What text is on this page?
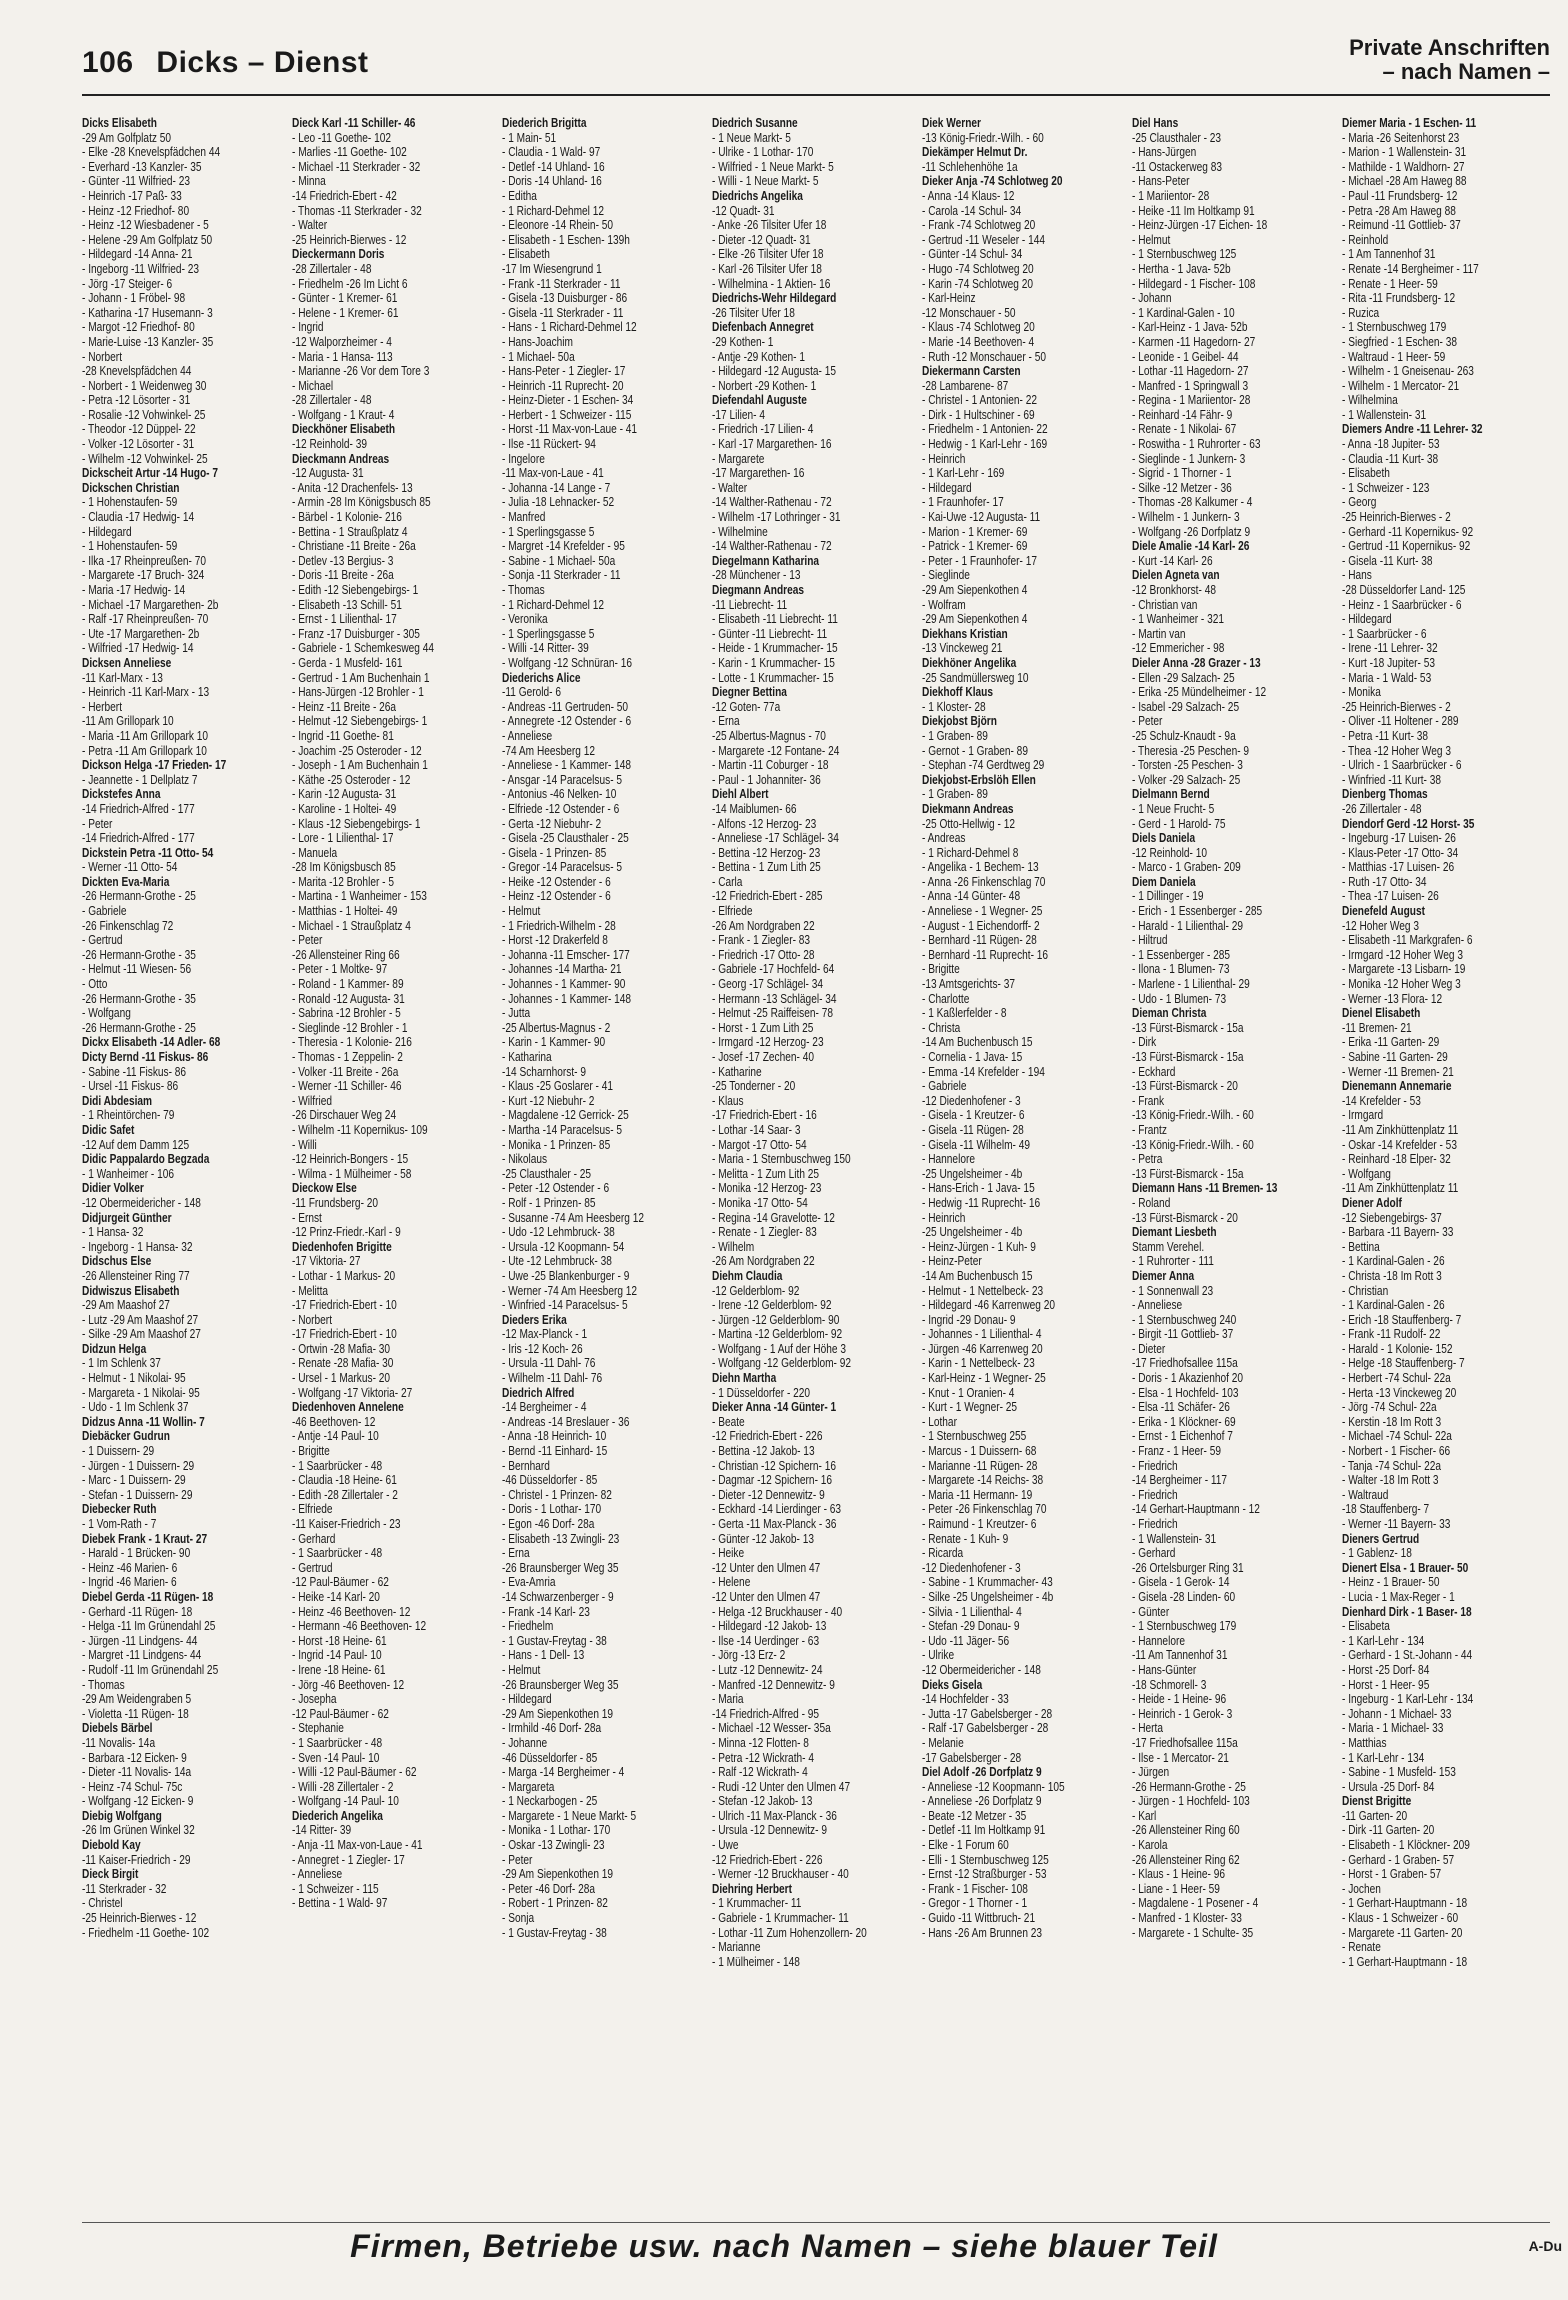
106 Dicks – Dienst	Private Anschriften
– nach Namen –
Dicks Elisabeth
-29 Am Golfplatz 50
- Elke -28 Knevelspfädchen 44
- Everhard -13 Kanzler- 35
- Günter -11 Wilfried- 23
- Heinrich -17 Paß- 33
- Heinz -12 Friedhof- 80
- Heinz -12 Wiesbadener - 5
- Helene -29 Am Golfplatz 50
- Hildegard -14 Anna- 21
- Ingeborg -11 Wilfried- 23
- Jörg -17 Steiger- 6
- Johann - 1 Fröbel- 98
- Katharina -17 Husemann- 3
- Margot -12 Friedhof- 80
- Marie-Luise -13 Kanzler- 35
- Norbert
-28 Knevelspfädchen 44
- Norbert - 1 Weidenweg 30
- Petra -12 Lösorter - 31
- Rosalie -12 Vohwinkel- 25
- Theodor -12 Düppel- 22
- Volker -12 Lösorter - 31
- Wilhelm -12 Vohwinkel- 25
Dickscheit Artur -14 Hugo- 7
Dickschen Christian
- 1 Hohenstaufen- 59
- Claudia -17 Hedwig- 14
- Hildegard
- 1 Hohenstaufen- 59
- Ilka -17 Rheinpreußen- 70
- Margarete -17 Bruch- 324
- Maria -17 Hedwig- 14
- Michael -17 Margarethen- 2b
- Ralf -17 Rheinpreußen- 70
- Ute -17 Margarethen- 2b
- Wilfried -17 Hedwig- 14
Dicksen Anneliese
-11 Karl-Marx - 13
- Heinrich -11 Karl-Marx - 13
- Herbert
-11 Am Grillopark 10
- Maria -11 Am Grillopark 10
- Petra -11 Am Grillopark 10
Dickson Helga -17 Frieden- 17
- Jeannette - 1 Dellplatz 7
Dickstefes Anna
-14 Friedrich-Alfred - 177
- Peter
-14 Friedrich-Alfred - 177
Dickstein Petra -11 Otto- 54
- Werner -11 Otto- 54
Dickten Eva-Maria
-26 Hermann-Grothe - 25
- Gabriele
-26 Finkenschlag 72
- Gertrud
-26 Hermann-Grothe - 35
- Helmut -11 Wiesen- 56
- Otto
-26 Hermann-Grothe - 35
- Wolfgang
-26 Hermann-Grothe - 25
Dickx Elisabeth -14 Adler- 68
Dicty Bernd -11 Fiskus- 86
- Sabine -11 Fiskus- 86
- Ursel -11 Fiskus- 86
Didi Abdesiam
- 1 Rheintörchen- 79
Didic Safet
-12 Auf dem Damm 125
Didic Pappalardo Begzada
- 1 Wanheimer - 106
Didier Volker
-12 Obermeidericher - 148
Didjurgeit Günther
- 1 Hansa- 32
- Ingeborg - 1 Hansa- 32
Didschus Else
-26 Allensteiner Ring 77
Didwiszus Elisabeth
-29 Am Maashof 27
- Lutz -29 Am Maashof 27
- Silke -29 Am Maashof 27
Didzun Helga
- 1 Im Schlenk 37
- Helmut - 1 Nikolai- 95
- Margareta - 1 Nikolai- 95
- Udo - 1 Im Schlenk 37
Didzus Anna -11 Wollin- 7
Diebäcker Gudrun
- 1 Duissern- 29
- Jürgen - 1 Duissern- 29
- Marc - 1 Duissern- 29
- Stefan - 1 Duissern- 29
Diebecker Ruth
- 1 Vom-Rath - 7
Diebek Frank - 1 Kraut- 27
- Harald - 1 Brücken- 90
- Heinz -46 Marien- 6
- Ingrid -46 Marien- 6
Diebel Gerda -11 Rügen- 18
- Gerhard -11 Rügen- 18
- Helga -11 Im Grünendahl 25
- Jürgen -11 Lindgens- 44
- Margret -11 Lindgens- 44
- Rudolf -11 Im Grünendahl 25
- Thomas
-29 Am Weidengraben 5
- Violetta -11 Rügen- 18
Diebels Bärbel
-11 Novalis- 14a
- Barbara -12 Eicken- 9
- Dieter -11 Novalis- 14a
- Heinz -74 Schul- 75c
- Wolfgang -12 Eicken- 9
Diebig Wolfgang
-26 Im Grünen Winkel 32
Diebold Kay
-11 Kaiser-Friedrich - 29
Dieck Birgit
-11 Sterkrader - 32
- Christel
-25 Heinrich-Bierwes - 12
- Friedhelm -11 Goethe- 102
Dieck Karl -11 Schiller- 46
- Leo -11 Goethe- 102
- Marlies -11 Goethe- 102
- Michael -11 Sterkrader - 32
- Minna
-14 Friedrich-Ebert - 42
- Thomas -11 Sterkrader - 32
- Walter
-25 Heinrich-Bierwes - 12
Dieckermann Doris
-28 Zillertaler - 48
- Friedhelm -26 Im Licht 6
- Günter - 1 Kremer- 61
- Helene - 1 Kremer- 61
- Ingrid
-12 Walporzheimer - 4
- Maria - 1 Hansa- 113
- Marianne -26 Vor dem Tore 3
- Michael
-28 Zillertaler - 48
- Wolfgang - 1 Kraut- 4
Dieckhöner Elisabeth
-12 Reinhold- 39
Dieckmann Andreas
-12 Augusta- 31
- Anita -12 Drachenfels- 13
- Armin -28 Im Königsbusch 85
- Bärbel - 1 Kolonie- 216
- Bettina - 1 Straußplatz 4
- Christiane -11 Breite - 26a
- Detlev -13 Bergius- 3
- Doris -11 Breite - 26a
- Edith -12 Siebengebirgs- 1
- Elisabeth -13 Schill- 51
- Ernst - 1 Lilienthal- 17
- Franz -17 Duisburger - 305
- Gabriele - 1 Schemkesweg 44
- Gerda - 1 Musfeld- 161
- Gertrud - 1 Am Buchenhain 1
- Hans-Jürgen -12 Brohler - 1
- Heinz -11 Breite - 26a
- Helmut -12 Siebengebirgs- 1
- Ingrid -11 Goethe- 81
- Joachim -25 Osteroder - 12
- Joseph - 1 Am Buchenhain 1
- Käthe -25 Osteroder - 12
- Karin -12 Augusta- 31
- Karoline - 1 Holtei- 49
- Klaus -12 Siebengebirgs- 1
- Lore - 1 Lilienthal- 17
- Manuela
-28 Im Königsbusch 85
- Marita -12 Brohler - 5
- Martina - 1 Wanheimer - 153
- Matthias - 1 Holtei- 49
- Michael - 1 Straußplatz 4
- Peter
-26 Allensteiner Ring 66
- Peter - 1 Moltke- 97
- Roland - 1 Kammer- 89
- Ronald -12 Augusta- 31
- Sabrina -12 Brohler - 5
- Sieglinde -12 Brohler - 1
- Theresia - 1 Kolonie- 216
- Thomas - 1 Zeppelin- 2
- Volker -11 Breite - 26a
- Werner -11 Schiller- 46
- Wilfried
-26 Dirschauer Weg 24
- Wilhelm -11 Kopernikus- 109
- Willi
-12 Heinrich-Bongers - 15
- Wilma - 1 Mülheimer - 58
Dieckow Else
-11 Frundsberg- 20
- Ernst
-12 Prinz-Friedr.-Karl - 9
Diedenhofen Brigitte
-17 Viktoria- 27
- Lothar - 1 Markus- 20
- Melitta
-17 Friedrich-Ebert - 10
- Norbert
-17 Friedrich-Ebert - 10
- Ortwin -28 Mafia- 30
- Renate -28 Mafia- 30
- Ursel - 1 Markus- 20
- Wolfgang -17 Viktoria- 27
Diedenhoven Annelene
-46 Beethoven- 12
- Antje -14 Paul- 10
- Brigitte
- 1 Saarbrücker - 48
- Claudia -18 Heine- 61
- Edith -28 Zillertaler - 2
- Elfriede
-11 Kaiser-Friedrich - 23
- Gerhard
- 1 Saarbrücker - 48
- Gertrud
-12 Paul-Bäumer - 62
- Heike -14 Karl- 20
- Heinz -46 Beethoven- 12
- Hermann -46 Beethoven- 12
- Horst -18 Heine- 61
- Ingrid -14 Paul- 10
- Irene -18 Heine- 61
- Jörg -46 Beethoven- 12
- Josepha
-12 Paul-Bäumer - 62
- Stephanie
- 1 Saarbrücker - 48
- Sven -14 Paul- 10
- Willi -12 Paul-Bäumer - 62
- Willi -28 Zillertaler - 2
- Wolfgang -14 Paul- 10
Diederich Angelika
-14 Ritter- 39
- Anja -11 Max-von-Laue - 41
- Annegret - 1 Ziegler- 17
- Anneliese
- 1 Schweizer - 115
- Bettina - 1 Wald- 97
Diederich Brigitta
- 1 Main- 51
- Claudia - 1 Wald- 97
- Detlef -14 Uhland- 16
- Doris -14 Uhland- 16
- Editha
- 1 Richard-Dehmel 12
- Eleonore -14 Rhein- 50
- Elisabeth - 1 Eschen- 139h
- Elisabeth
-17 Im Wiesengrund 1
- Frank -11 Sterkrader - 11
- Gisela -13 Duisburger - 86
- Gisela -11 Sterkrader - 11
- Hans - 1 Richard-Dehmel 12
- Hans-Joachim
- 1 Michael- 50a
- Hans-Peter - 1 Ziegler- 17
- Heinrich -11 Ruprecht- 20
- Heinz-Dieter - 1 Eschen- 34
- Herbert - 1 Schweizer - 115
- Horst -11 Max-von-Laue - 41
- Ilse -11 Rückert- 94
- Ingelore
-11 Max-von-Laue - 41
- Johanna -14 Lange - 7
- Julia -18 Lehnacker- 52
- Manfred
- 1 Sperlingsgasse 5
- Margret -14 Krefelder - 95
- Sabine - 1 Michael- 50a
- Sonja -11 Sterkrader - 11
- Thomas
- 1 Richard-Dehmel 12
- Veronika
- 1 Sperlingsgasse 5
- Willi -14 Ritter- 39
- Wolfgang -12 Schnüran- 16
Diederichs Alice
-11 Gerold- 6
- Andreas -11 Gertruden- 50
- Annegrete -12 Ostender - 6
- Anneliese
-74 Am Heesberg 12
- Anneliese - 1 Kammer- 148
- Ansgar -14 Paracelsus- 5
- Antonius -46 Nelken- 10
- Elfriede -12 Ostender - 6
- Gerta -12 Niebuhr- 2
- Gisela -25 Clausthaler - 25
- Gisela - 1 Prinzen- 85
- Gregor -14 Paracelsus- 5
- Heike -12 Ostender - 6
- Heinz -12 Ostender - 6
- Helmut
- 1 Friedrich-Wilhelm - 28
- Horst -12 Drakerfeld 8
- Johanna -11 Emscher- 177
- Johannes -14 Martha- 21
- Johannes - 1 Kammer- 90
- Johannes - 1 Kammer- 148
- Jutta
-25 Albertus-Magnus - 2
- Karin - 1 Kammer- 90
- Katharina
-14 Scharnhorst- 9
- Klaus -25 Goslarer - 41
- Kurt -12 Niebuhr- 2
- Magdalene -12 Gerrick- 25
- Martha -14 Paracelsus- 5
- Monika - 1 Prinzen- 85
- Nikolaus
-25 Clausthaler - 25
- Peter -12 Ostender - 6
- Rolf - 1 Prinzen- 85
- Susanne -74 Am Heesberg 12
- Udo -12 Lehmbruck- 38
- Ursula -12 Koopmann- 54
- Ute -12 Lehmbruck- 38
- Uwe -25 Blankenburger - 9
- Werner -74 Am Heesberg 12
- Winfried -14 Paracelsus- 5
Dieders Erika
-12 Max-Planck - 1
- Iris -12 Koch- 26
- Ursula -11 Dahl- 76
- Wilhelm -11 Dahl- 76
Diedrich Alfred
-14 Bergheimer - 4
- Andreas -14 Breslauer - 36
- Anna -18 Heinrich- 10
- Bernd -11 Einhard- 15
- Bernhard
-46 Düsseldorfer - 85
- Christel - 1 Prinzen- 82
- Doris - 1 Lothar- 170
- Egon -46 Dorf- 28a
- Elisabeth -13 Zwingli- 23
- Erna
-26 Braunsberger Weg 35
- Eva-Amria
-14 Schwarzenberger - 9
- Frank -14 Karl- 23
- Friedhelm
- 1 Gustav-Freytag - 38
- Hans - 1 Dell- 13
- Helmut
-26 Braunsberger Weg 35
- Hildegard
-29 Am Siepenkothen 19
- Irmhild -46 Dorf- 28a
- Johanne
-46 Düsseldorfer - 85
- Marga -14 Bergheimer - 4
- Margareta
- 1 Neckarbogen - 25
- Margarete - 1 Neue Markt- 5
- Monika - 1 Lothar- 170
- Oskar -13 Zwingli- 23
- Peter
-29 Am Siepenkothen 19
- Peter -46 Dorf- 28a
- Robert - 1 Prinzen- 82
- Sonja
- 1 Gustav-Freytag - 38
Diedrich Susanne
- 1 Neue Markt- 5
- Ulrike - 1 Lothar- 170
- Wilfried - 1 Neue Markt- 5
- Willi - 1 Neue Markt- 5
Diedrichs Angelika
-12 Quadt- 31
- Anke -26 Tilsiter Ufer 18
- Dieter -12 Quadt- 31
- Elke -26 Tilsiter Ufer 18
- Karl -26 Tilsiter Ufer 18
- Wilhelmina - 1 Aktien- 16
Diedrichs-Wehr Hildegard
-26 Tilsiter Ufer 18
Diefenbach Annegret
-29 Kothen- 1
- Antje -29 Kothen- 1
- Hildegard -12 Augusta- 15
- Norbert -29 Kothen- 1
Diefendahl Auguste
-17 Lilien- 4
- Friedrich -17 Lilien- 4
- Karl -17 Margarethen- 16
- Margarete
-17 Margarethen- 16
- Walter
-14 Walther-Rathenau - 72
- Wilhelm -17 Lothringer - 31
- Wilhelmine
-14 Walther-Rathenau - 72
Diegelmann Katharina
-28 Münchener - 13
Diegmann Andreas
-11 Liebrecht- 11
- Elisabeth -11 Liebrecht- 11
- Günter -11 Liebrecht- 11
- Heide - 1 Krummacher- 15
- Karin - 1 Krummacher- 15
- Lotte - 1 Krummacher- 15
Diegner Bettina
-12 Goten- 77a
- Erna
-25 Albertus-Magnus - 70
- Margarete -12 Fontane- 24
- Martin -11 Coburger - 18
- Paul - 1 Johanniter- 36
Diehl Albert
-14 Maiblumen- 66
- Alfons -12 Herzog- 23
- Anneliese -17 Schlägel- 34
- Bettina -12 Herzog- 23
- Bettina - 1 Zum Lith 25
- Carla
-12 Friedrich-Ebert - 285
- Elfriede
-26 Am Nordgraben 22
- Frank - 1 Ziegler- 83
- Friedrich -17 Otto- 28
- Gabriele -17 Hochfeld- 64
- Georg -17 Schlägel- 34
- Hermann -13 Schlägel- 34
- Helmut -25 Raiffeisen- 78
- Horst - 1 Zum Lith 25
- Irmgard -12 Herzog- 23
- Josef -17 Zechen- 40
- Katharine
-25 Tonderner - 20
- Klaus
-17 Friedrich-Ebert - 16
- Lothar -14 Saar- 3
- Margot -17 Otto- 54
- Maria - 1 Sternbuschweg 150
- Melitta - 1 Zum Lith 25
- Monika -12 Herzog- 23
- Monika -17 Otto- 54
- Regina -14 Gravelotte- 12
- Renate - 1 Ziegler- 83
- Wilhelm
-26 Am Nordgraben 22
Diehm Claudia
-12 Gelderblom- 92
- Irene -12 Gelderblom- 92
- Jürgen -12 Gelderblom- 90
- Martina -12 Gelderblom- 92
- Wolfgang - 1 Auf der Höhe 3
- Wolfgang -12 Gelderblom- 92
Diehn Martha
- 1 Düsseldorfer - 220
Dieker Anna -14 Günter- 1
- Beate
-12 Friedrich-Ebert - 226
- Bettina -12 Jakob- 13
- Christian -12 Spichern- 16
- Dagmar -12 Spichern- 16
- Dieter -12 Dennewitz- 9
- Eckhard -14 Lierdinger - 63
- Gerta -11 Max-Planck - 36
- Günter -12 Jakob- 13
- Heike
-12 Unter den Ulmen 47
- Helene
-12 Unter den Ulmen 47
- Helga -12 Bruckhauser - 40
- Hildegard -12 Jakob- 13
- Ilse -14 Uerdinger - 63
- Jörg -13 Erz- 2
- Lutz -12 Dennewitz- 24
- Manfred -12 Dennewitz- 9
- Maria
-14 Friedrich-Alfred - 95
- Michael -12 Wesser- 35a
- Minna -12 Flotten- 8
- Petra -12 Wickrath- 4
- Ralf -12 Wickrath- 4
- Rudi -12 Unter den Ulmen 47
- Stefan -12 Jakob- 13
- Ulrich -11 Max-Planck - 36
- Ursula -12 Dennewitz- 9
- Uwe
-12 Friedrich-Ebert - 226
- Werner -12 Bruckhauser - 40
Diehring Herbert
- 1 Krummacher- 11
- Gabriele - 1 Krummacher- 11
- Lothar -11 Zum Hohenzollern- 20
- Marianne
- 1 Mülheimer - 148
Diek Werner
-13 König-Friedr.-Wilh. - 60
Diekämper Helmut Dr.
-11 Schlehenhöhe 1a
Dieker Anja -74 Schlotweg 20
- Anna -14 Klaus- 12
- Carola -14 Schul- 34
- Frank -74 Schlotweg 20
- Gertrud -11 Weseler - 144
- Günter -14 Schul- 34
- Hugo -74 Schlotweg 20
- Karin -74 Schlotweg 20
- Karl-Heinz
-12 Monschauer - 50
- Klaus -74 Schlotweg 20
- Marie -14 Beethoven- 4
- Ruth -12 Monschauer - 50
Diekermann Carsten
-28 Lambarene- 87
- Christel - 1 Antonien- 22
- Dirk - 1 Hultschiner - 69
- Friedhelm - 1 Antonien- 22
- Hedwig - 1 Karl-Lehr - 169
- Heinrich
- 1 Karl-Lehr - 169
- Hildegard
- 1 Fraunhofer- 17
- Kai-Uwe -12 Augusta- 11
- Marion - 1 Kremer- 69
- Patrick - 1 Kremer- 69
- Peter - 1 Fraunhofer- 17
- Sieglinde
-29 Am Siepenkothen 4
- Wolfram
-29 Am Siepenkothen 4
Diekhans Kristian
-13 Vinckeweg 21
Diekhöner Angelika
-25 Sandmüllersweg 10
Diekhoff Klaus
- 1 Kloster- 28
Diekjobst Björn
- 1 Graben- 89
- Gernot - 1 Graben- 89
- Stephan -74 Gerdtweg 29
Diekjobst-Erbslöh Ellen
- 1 Graben- 89
Diekmann Andreas
-25 Otto-Hellwig - 12
- Andreas
- 1 Richard-Dehmel 8
- Angelika - 1 Bechem- 13
- Anna -26 Finkenschlag 70
- Anna -14 Günter- 48
- Anneliese - 1 Wegner- 25
- August - 1 Eichendorff- 2
- Bernhard -11 Rügen- 28
- Bernhard -11 Ruprecht- 16
- Brigitte
-13 Amtsgerichts- 37
- Charlotte
- 1 Kaßlerfelder - 8
- Christa
-14 Am Buchenbusch 15
- Cornelia - 1 Java- 15
- Emma -14 Krefelder - 194
- Gabriele
-12 Diedenhofener - 3
- Gisela - 1 Kreutzer- 6
- Gisela -11 Rügen- 28
- Gisela -11 Wilhelm- 49
- Hannelore
-25 Ungelsheimer - 4b
- Hans-Erich - 1 Java- 15
- Hedwig -11 Ruprecht- 16
- Heinrich
-25 Ungelsheimer - 4b
- Heinz-Jürgen - 1 Kuh- 9
- Heinz-Peter
-14 Am Buchenbusch 15
- Helmut - 1 Nettelbeck- 23
- Hildegard -46 Karrenweg 20
- Ingrid -29 Donau- 9
- Johannes - 1 Lilienthal- 4
- Jürgen -46 Karrenweg 20
- Karin - 1 Nettelbeck- 23
- Karl-Heinz - 1 Wegner- 25
- Knut - 1 Oranien- 4
- Kurt - 1 Wegner- 25
- Lothar
- 1 Sternbuschweg 255
- Marcus - 1 Duissern- 68
- Marianne -11 Rügen- 28
- Margarete -14 Reichs- 38
- Maria -11 Hermann- 19
- Peter -26 Finkenschlag 70
- Raimund - 1 Kreutzer- 6
- Renate - 1 Kuh- 9
- Ricarda
-12 Diedenhofener - 3
- Sabine - 1 Krummacher- 43
- Silke -25 Ungelsheimer - 4b
- Silvia - 1 Lilienthal- 4
- Stefan -29 Donau- 9
- Udo -11 Jäger- 56
- Ulrike
-12 Obermeidericher - 148
Dieks Gisela
-14 Hochfelder - 33
- Jutta -17 Gabelsberger - 28
- Ralf -17 Gabelsberger - 28
- Melanie
-17 Gabelsberger - 28
Diel Adolf -26 Dorfplatz 9
- Anneliese -12 Koopmann- 105
- Anneliese -26 Dorfplatz 9
- Beate -12 Metzer - 35
- Detlef -11 Im Holtkamp 91
- Elke - 1 Forum 60
- Elli - 1 Sternbuschweg 125
- Ernst -12 Straßburger - 53
- Frank - 1 Fischer- 108
- Gregor - 1 Thorner - 1
- Guido -11 Wittbruch- 21
- Hans -26 Am Brunnen 23
Diel Hans
-25 Clausthaler - 23
- Hans-Jürgen
-11 Ostackerweg 83
- Hans-Peter
- 1 Mariientor- 28
- Heike -11 Im Holtkamp 91
- Heinz-Jürgen -17 Eichen- 18
- Helmut
- 1 Sternbuschweg 125
- Hertha - 1 Java- 52b
- Hildegard - 1 Fischer- 108
- Johann
- 1 Kardinal-Galen - 10
- Karl-Heinz - 1 Java- 52b
- Karmen -11 Hagedorn- 27
- Leonide - 1 Geibel- 44
- Lothar -11 Hagedorn- 27
- Manfred - 1 Springwall 3
- Regina - 1 Mariientor- 28
- Reinhard -14 Fähr- 9
- Renate - 1 Nikolai- 67
- Roswitha - 1 Ruhrorter - 63
- Sieglinde - 1 Junkern- 3
- Sigrid - 1 Thorner - 1
- Silke -12 Metzer - 36
- Thomas -28 Kalkumer - 4
- Wilhelm - 1 Junkern- 3
- Wolfgang -26 Dorfplatz 9
Diele Amalie -14 Karl- 26
- Kurt -14 Karl- 26
Dielen Agneta van
-12 Bronkhorst- 48
- Christian van
- 1 Wanheimer - 321
- Martin van
-12 Emmericher - 98
Dieler Anna -28 Grazer - 13
- Ellen -29 Salzach- 25
- Erika -25 Mündelheimer - 12
- Isabel -29 Salzach- 25
- Peter
-25 Schulz-Knaudt - 9a
- Theresia -25 Peschen- 9
- Torsten -25 Peschen- 3
- Volker -29 Salzach- 25
Dielmann Bernd
- 1 Neue Frucht- 5
- Gerd - 1 Harold- 75
Diels Daniela
-12 Reinhold- 10
- Marco - 1 Graben- 209
Diem Daniela
- 1 Dillinger - 19
- Erich - 1 Essenberger - 285
- Harald - 1 Lilienthal- 29
- Hiltrud
- 1 Essenberger - 285
- Ilona - 1 Blumen- 73
- Marlene - 1 Lilienthal- 29
- Udo - 1 Blumen- 73
Dieman Christa
-13 Fürst-Bismarck - 15a
- Dirk
-13 Fürst-Bismarck - 15a
- Eckhard
-13 Fürst-Bismarck - 20
- Frank
-13 König-Friedr.-Wilh. - 60
- Frantz
-13 König-Friedr.-Wilh. - 60
- Petra
-13 Fürst-Bismarck - 15a
Diemann Hans -11 Bremen- 13
- Roland
-13 Fürst-Bismarck - 20
Diemant Liesbeth
Stamm Verehel.
- 1 Ruhrorter - 111
Diemer Anna
- 1 Sonnenwall 23
- Anneliese
- 1 Sternbuschweg 240
- Birgit -11 Gottlieb- 37
- Dieter
-17 Friedhofsallee 115a
- Doris - 1 Akazienhof 20
- Elsa - 1 Hochfeld- 103
- Elsa -11 Schäfer- 26
- Erika - 1 Klöckner- 69
- Ernst - 1 Eichenhof 7
- Franz - 1 Heer- 59
- Friedrich
-14 Bergheimer - 117
- Friedrich
-14 Gerhart-Hauptmann - 12
- Friedrich
- 1 Wallenstein- 31
- Gerhard
-26 Ortelsburger Ring 31
- Gisela - 1 Gerok- 14
- Gisela -28 Linden- 60
- Günter
- 1 Sternbuschweg 179
- Hannelore
-11 Am Tannenhof 31
- Hans-Günter
-18 Schmorell- 3
- Heide - 1 Heine- 96
- Heinrich - 1 Gerok- 3
- Herta
-17 Friedhofsallee 115a
- Ilse - 1 Mercator- 21
- Jürgen
-26 Hermann-Grothe - 25
- Jürgen - 1 Hochfeld- 103
- Karl
-26 Allensteiner Ring 60
- Karola
-26 Allensteiner Ring 62
- Klaus - 1 Heine- 96
- Liane - 1 Heer- 59
- Magdalene - 1 Posener - 4
- Manfred - 1 Kloster- 33
- Margarete - 1 Schulte- 35
Diemer Maria - 1 Eschen- 11
- Maria -26 Seitenhorst 23
- Marion - 1 Wallenstein- 31
- Mathilde - 1 Waldhorn- 27
- Michael -28 Am Haweg 88
- Paul -11 Frundsberg- 12
- Petra -28 Am Haweg 88
- Reimund -11 Gottlieb- 37
- Reinhold
- 1 Am Tannenhof 31
- Renate -14 Bergheimer - 117
- Renate - 1 Heer- 59
- Rita -11 Frundsberg- 12
- Ruzica
- 1 Sternbuschweg 179
- Siegfried - 1 Eschen- 38
- Waltraud - 1 Heer- 59
- Wilhelm - 1 Gneisenau- 263
- Wilhelm - 1 Mercator- 21
- Wilhelmina
- 1 Wallenstein- 31
Diemers Andre -11 Lehrer- 32
- Anna -18 Jupiter- 53
- Claudia -11 Kurt- 38
- Elisabeth
- 1 Schweizer - 123
- Georg
-25 Heinrich-Bierwes - 2
- Gerhard -11 Kopernikus- 92
- Gertrud -11 Kopernikus- 92
- Gisela -11 Kurt- 38
- Hans
-28 Düsseldorfer Land- 125
- Heinz - 1 Saarbrücker - 6
- Hildegard
- 1 Saarbrücker - 6
- Irene -11 Lehrer- 32
- Kurt -18 Jupiter- 53
- Maria - 1 Wald- 53
- Monika
-25 Heinrich-Bierwes - 2
- Oliver -11 Holtener - 289
- Petra -11 Kurt- 38
- Thea -12 Hoher Weg 3
- Ulrich - 1 Saarbrücker - 6
- Winfried -11 Kurt- 38
Dienberg Thomas
-26 Zillertaler - 48
Diendorf Gerd -12 Horst- 35
- Ingeburg -17 Luisen- 26
- Klaus-Peter -17 Otto- 34
- Matthias -17 Luisen- 26
- Ruth -17 Otto- 34
- Thea -17 Luisen- 26
Dienefeld August
-12 Hoher Weg 3
- Elisabeth -11 Markgrafen- 6
- Irmgard -12 Hoher Weg 3
- Margarete -13 Lisbarn- 19
- Monika -12 Hoher Weg 3
- Werner -13 Flora- 12
Dienel Elisabeth
-11 Bremen- 21
- Erika -11 Garten- 29
- Sabine -11 Garten- 29
- Werner -11 Bremen- 21
Dienemann Annemarie
-14 Krefelder - 53
- Irmgard
-11 Am Zinkhüttenplatz 11
- Oskar -14 Krefelder - 53
- Reinhard -18 Elper- 32
- Wolfgang
-11 Am Zinkhüttenplatz 11
Diener Adolf
-12 Siebengebirgs- 37
- Barbara -11 Bayern- 33
- Bettina
- 1 Kardinal-Galen - 26
- Christa -18 Im Rott 3
- Christian
- 1 Kardinal-Galen - 26
- Erich -18 Stauffenberg- 7
- Frank -11 Rudolf- 22
- Harald - 1 Kolonie- 152
- Helge -18 Stauffenberg- 7
- Herbert -74 Schul- 22a
- Herta -13 Vinckeweg 20
- Jörg -74 Schul- 22a
- Kerstin -18 Im Rott 3
- Michael -74 Schul- 22a
- Norbert - 1 Fischer- 66
- Tanja -74 Schul- 22a
- Walter -18 Im Rott 3
- Waltraud
-18 Stauffenberg- 7
- Werner -11 Bayern- 33
Dieners Gertrud
- 1 Gablenz- 18
Dienert Elsa - 1 Brauer- 50
- Heinz - 1 Brauer- 50
- Lucia - 1 Max-Reger - 1
Dienhard Dirk - 1 Baser- 18
- Elisabeta
- 1 Karl-Lehr - 134
- Gerhard - 1 St.-Johann - 44
- Horst -25 Dorf- 84
- Horst - 1 Heer- 95
- Ingeburg - 1 Karl-Lehr - 134
- Johann - 1 Michael- 33
- Maria - 1 Michael- 33
- Matthias
- 1 Karl-Lehr - 134
- Sabine - 1 Musfeld- 153
- Ursula -25 Dorf- 84
Dienst Brigitte
-11 Garten- 20
- Dirk -11 Garten- 20
- Elisabeth - 1 Klöckner- 209
- Gerhard - 1 Graben- 57
- Horst - 1 Graben- 57
- Jochen
- 1 Gerhart-Hauptmann - 18
- Klaus - 1 Schweizer - 60
- Margarete -11 Garten- 20
- Renate
- 1 Gerhart-Hauptmann - 18
Firmen, Betriebe usw. nach Namen – siehe blauer Teil	A-Du
